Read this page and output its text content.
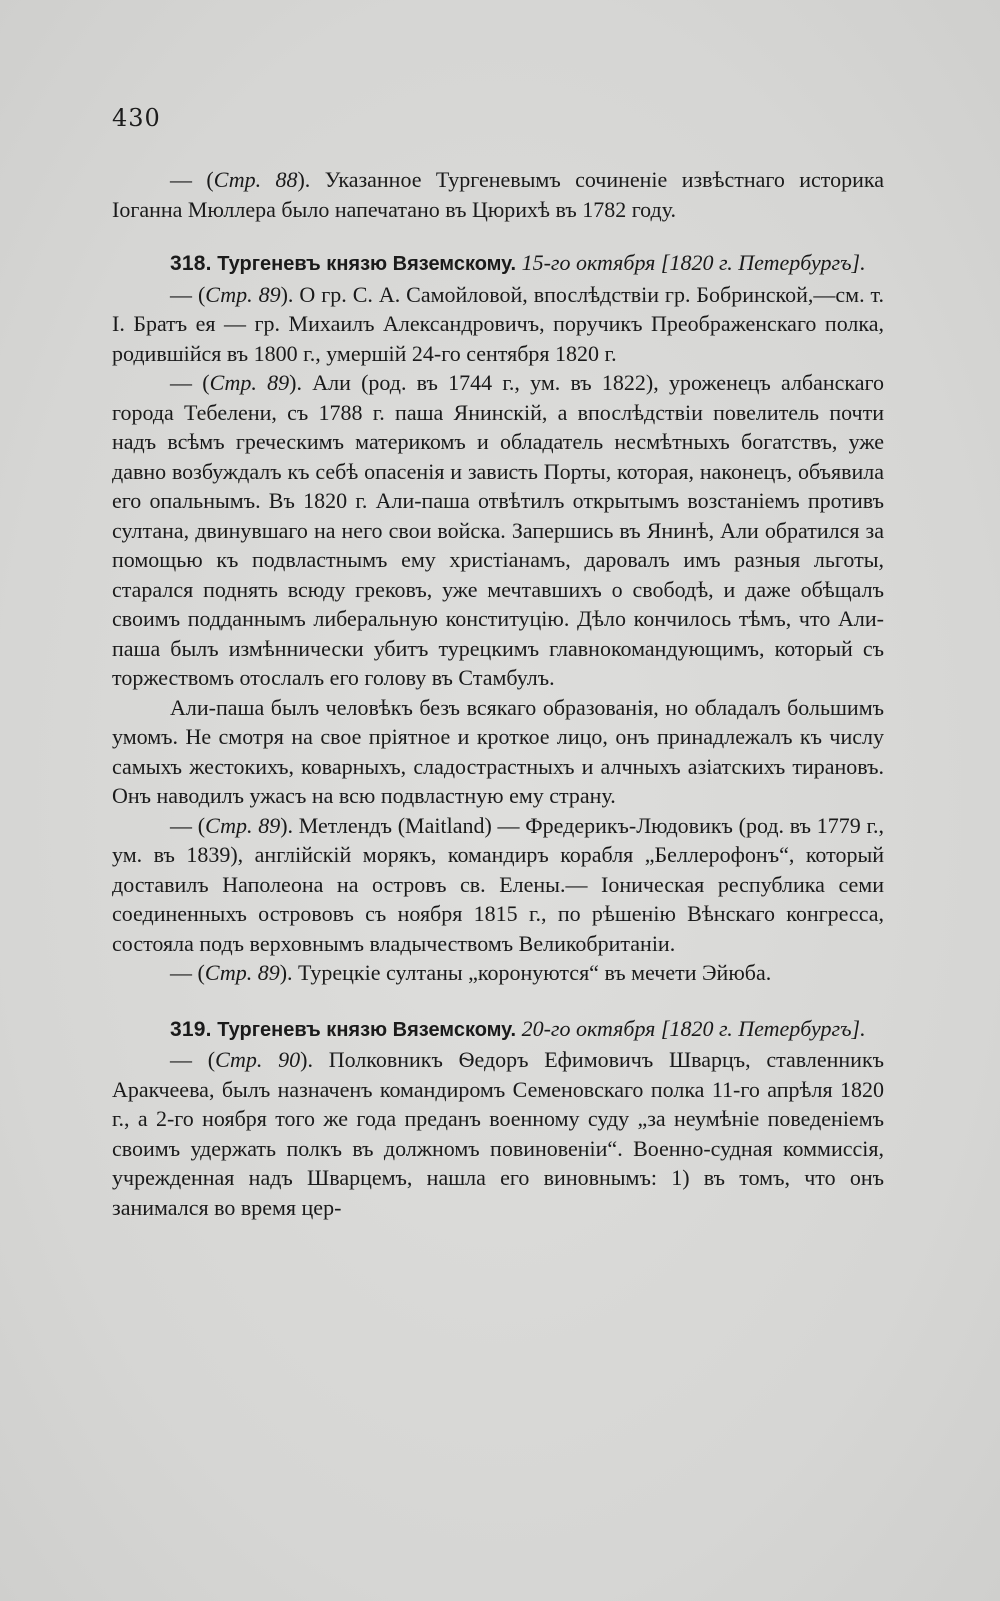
430

— (Стр. 88). Указанное Тургеневымъ сочиненіе извѣстнаго историка Іоганна Мюллера было напечатано въ Цюрихѣ въ 1782 году.

318. Тургеневъ князю Вяземскому. 15-го октября [1820 г. Петербургъ].

— (Стр. 89). О гр. С. А. Самойловой, впослѣдствіи гр. Бобринской,—см. т. I. Братъ ея — гр. Михаилъ Александровичъ, поручикъ Преображенскаго полка, родившійся въ 1800 г., умершій 24-го сентября 1820 г.

— (Стр. 89). Али (род. въ 1744 г., ум. въ 1822), уроженецъ албанскаго города Тебелени, съ 1788 г. паша Янинскій, а впослѣдствіи повелитель почти надъ всѣмъ греческимъ материкомъ и обладатель несмѣтныхъ богатствъ, уже давно возбуждалъ къ себѣ опасенія и зависть Порты, которая, наконецъ, объявила его опальнымъ. Въ 1820 г. Али-паша отвѣтилъ открытымъ возстаніемъ противъ султана, двинувшаго на него свои войска. Запершись въ Янинѣ, Али обратился за помощью къ подвластнымъ ему христіанамъ, даровалъ имъ разныя льготы, старался поднять всюду грековъ, уже мечтавшихъ о свободѣ, и даже обѣщалъ своимъ подданнымъ либеральную конституцію. Дѣло кончилось тѣмъ, что Али-паша былъ измѣннически убитъ турецкимъ главнокомандующимъ, который съ торжествомъ отослалъ его голову въ Стамбулъ.

Али-паша былъ человѣкъ безъ всякаго образованія, но обладалъ большимъ умомъ. Не смотря на свое пріятное и кроткое лицо, онъ принадлежалъ къ числу самыхъ жестокихъ, коварныхъ, сладострастныхъ и алчныхъ азіатскихъ тирановъ. Онъ наводилъ ужасъ на всю подвластную ему страну.

— (Стр. 89). Метлендъ (Maitland) — Фредерикъ-Людовикъ (род. въ 1779 г., ум. въ 1839), англійскій морякъ, командиръ корабля „Беллерофонъ“, который доставилъ Наполеона на островъ св. Елены.— Іоническая республика семи соединенныхъ острововъ съ ноября 1815 г., по рѣшенію Вѣнскаго конгресса, состояла подъ верховнымъ владычествомъ Великобританіи.

— (Стр. 89). Турецкіе султаны „коронуются“ въ мечети Эйюба.

319. Тургеневъ князю Вяземскому. 20-го октября [1820 г. Петербургъ].

— (Стр. 90). Полковникъ Ѳедоръ Ефимовичъ Шварцъ, ставленникъ Аракчеева, былъ назначенъ командиромъ Семеновскаго полка 11-го апрѣля 1820 г., а 2-го ноября того же года преданъ военному суду „за неумѣніе поведеніемъ своимъ удержать полкъ въ должномъ повиновеніи“. Военно-судная коммиссія, учрежденная надъ Шварцемъ, нашла его виновнымъ: 1) въ томъ, что онъ занимался во время цер-
